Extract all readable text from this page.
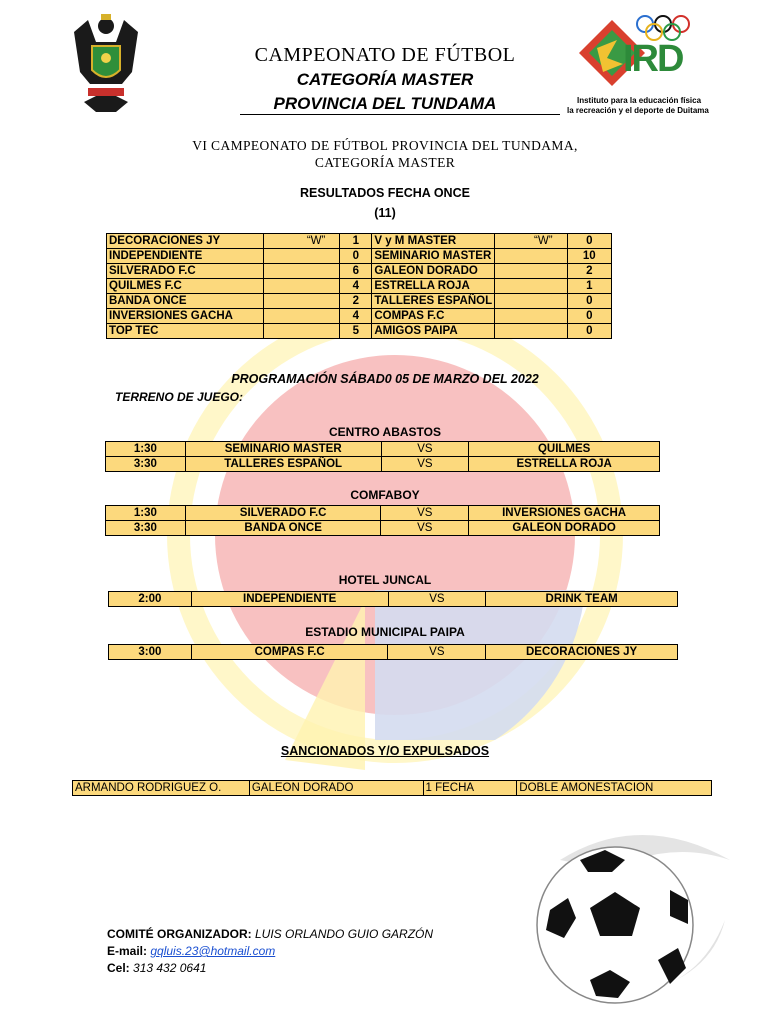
CAMPEONATO DE FÚTBOL
CATEGORÍA MASTER
PROVINCIA DEL TUNDAMA
IRD
Instituto para la educación física
la recreación y el deporte de Duitama
VI CAMPEONATO DE FÚTBOL PROVINCIA DEL TUNDAMA,
CATEGORÍA MASTER
RESULTADOS FECHA ONCE
(11)
DECORACIONES JY	“W”	1	V y M MASTER	“W”	0
INDEPENDIENTE		0	SEMINARIO MASTER		10
SILVERADO F.C		6	GALEON DORADO		2
QUILMES F.C		4	ESTRELLA ROJA		1
BANDA ONCE		2	TALLERES ESPAÑOL		0
INVERSIONES GACHA		4	COMPAS F.C		0
TOP TEC		5	AMIGOS PAIPA		0
PROGRAMACIÓN SÁBAD0 05 DE MARZO DEL 2022
TERRENO DE JUEGO:
CENTRO ABASTOS
1:30	SEMINARIO MASTER	VS	QUILMES
3:30	TALLERES ESPAÑOL	VS	ESTRELLA ROJA
COMFABOY
1:30	SILVERADO F.C	VS	INVERSIONES GACHA
3:30	BANDA ONCE	VS	GALEON DORADO
HOTEL JUNCAL
2:00	INDEPENDIENTE	VS	DRINK TEAM
ESTADIO MUNICIPAL PAIPA
3:00	COMPAS F.C	VS	DECORACIONES JY
SANCIONADOS Y/O EXPULSADOS
ARMANDO RODRIGUEZ O.	GALEON DORADO	1 FECHA	DOBLE AMONESTACION
COMITÉ ORGANIZADOR: LUIS ORLANDO GUIO GARZÓN
E-mail: gqluis.23@hotmail.com
Cel: 313 432 0641
